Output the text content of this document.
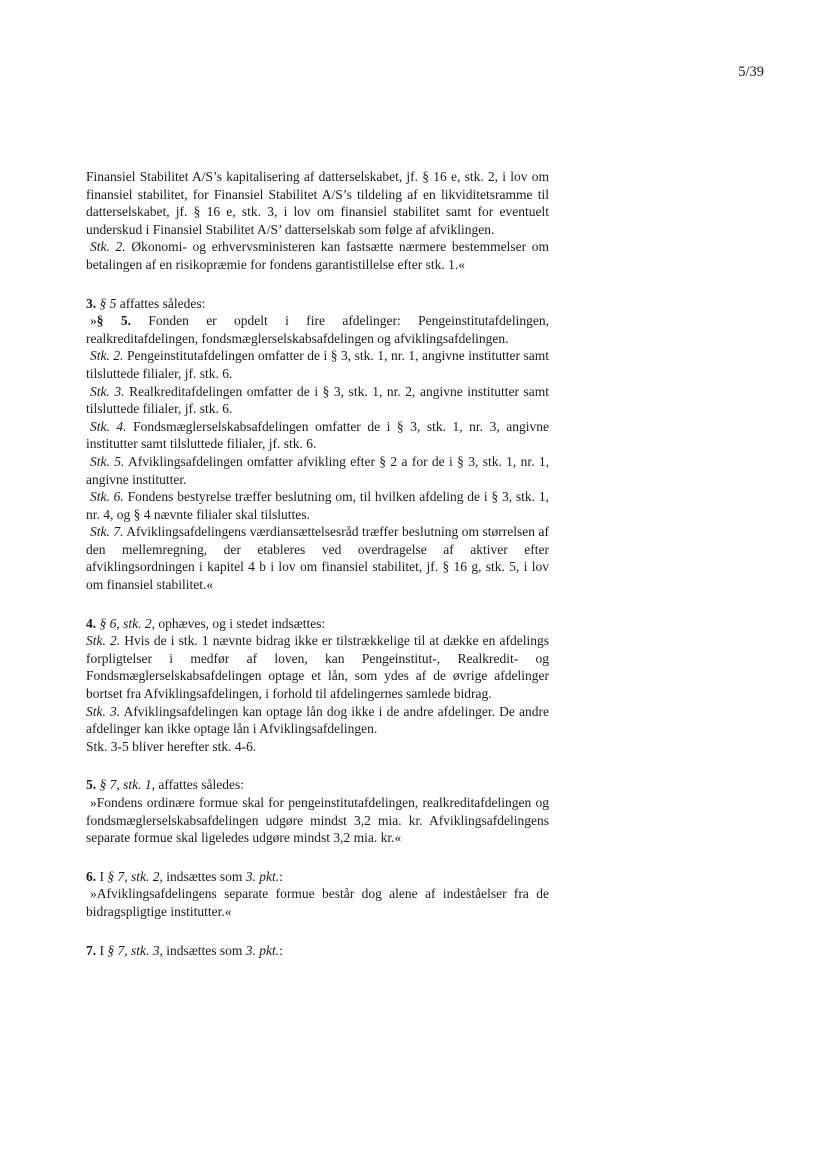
5/39

Finansiel Stabilitet A/S’s kapitalisering af datterselskabet, jf. § 16 e, stk. 2, i lov om finansiel stabilitet, for Finansiel Stabilitet A/S’s tildeling af en likviditetsramme til datterselskabet, jf. § 16 e, stk. 3, i lov om finansiel stabilitet samt for eventuelt underskud i Finansiel Stabilitet A/S’ datterselskab som følge af afviklingen.

Stk. 2. Økonomi- og erhvervsministeren kan fastsætte nærmere bestemmelser om betalingen af en risikopræmie for fondens garantistillelse efter stk. 1.«

3. § 5 affattes således:

»§ 5. Fonden er opdelt i fire afdelinger: Pengeinstitutafdelingen, realkreditafdelingen, fondsmæglerselskabsafdelingen og afviklingsafdelingen.

Stk. 2. Pengeinstitutafdelingen omfatter de i § 3, stk. 1, nr. 1, angivne institutter samt tilsluttede filialer, jf. stk. 6.

Stk. 3. Realkreditafdelingen omfatter de i § 3, stk. 1, nr. 2, angivne institutter samt tilsluttede filialer, jf. stk. 6.

Stk. 4. Fondsmæglerselskabsafdelingen omfatter de i § 3, stk. 1, nr. 3, angivne institutter samt tilsluttede filialer, jf. stk. 6.

Stk. 5. Afviklingsafdelingen omfatter afvikling efter § 2 a for de i § 3, stk. 1, nr. 1, angivne institutter.

Stk. 6. Fondens bestyrelse træffer beslutning om, til hvilken afdeling de i § 3, stk. 1, nr. 4, og § 4 nævnte filialer skal tilsluttes.

Stk. 7. Afviklingsafdelingens værdiansættelsesråd træffer beslutning om størrelsen af den mellemregning, der etableres ved overdragelse af aktiver efter afviklingsordningen i kapitel 4 b i lov om finansiel stabilitet, jf. § 16 g, stk. 5, i lov om finansiel stabilitet.«

4. § 6, stk. 2, ophæves, og i stedet indsættes:

Stk. 2. Hvis de i stk. 1 nævnte bidrag ikke er tilstrækkelige til at dække en afdelings forpligtelser i medfør af loven, kan Pengeinstitut-, Realkredit- og Fondsmæglerselskabsafdelingen optage et lån, som ydes af de øvrige afdelinger bortset fra Afviklingsafdelingen, i forhold til afdelingernes samlede bidrag.

Stk. 3. Afviklingsafdelingen kan optage lån dog ikke i de andre afdelinger. De andre afdelinger kan ikke optage lån i Afviklingsafdelingen.

Stk. 3-5 bliver herefter stk. 4-6.

5. § 7, stk. 1, affattes således:

»Fondens ordinære formue skal for pengeinstitutafdelingen, realkreditafdelingen og fondsmæglerselskabsafdelingen udgøre mindst 3,2 mia. kr. Afviklingsafdelingens separate formue skal ligeledes udgøre mindst 3,2 mia. kr.«

6. I § 7, stk. 2, indsættes som 3. pkt.:

»Afviklingsafdelingens separate formue består dog alene af indeståelser fra de bidragspligtige institutter.«

7. I § 7, stk. 3, indsættes som 3. pkt.:
